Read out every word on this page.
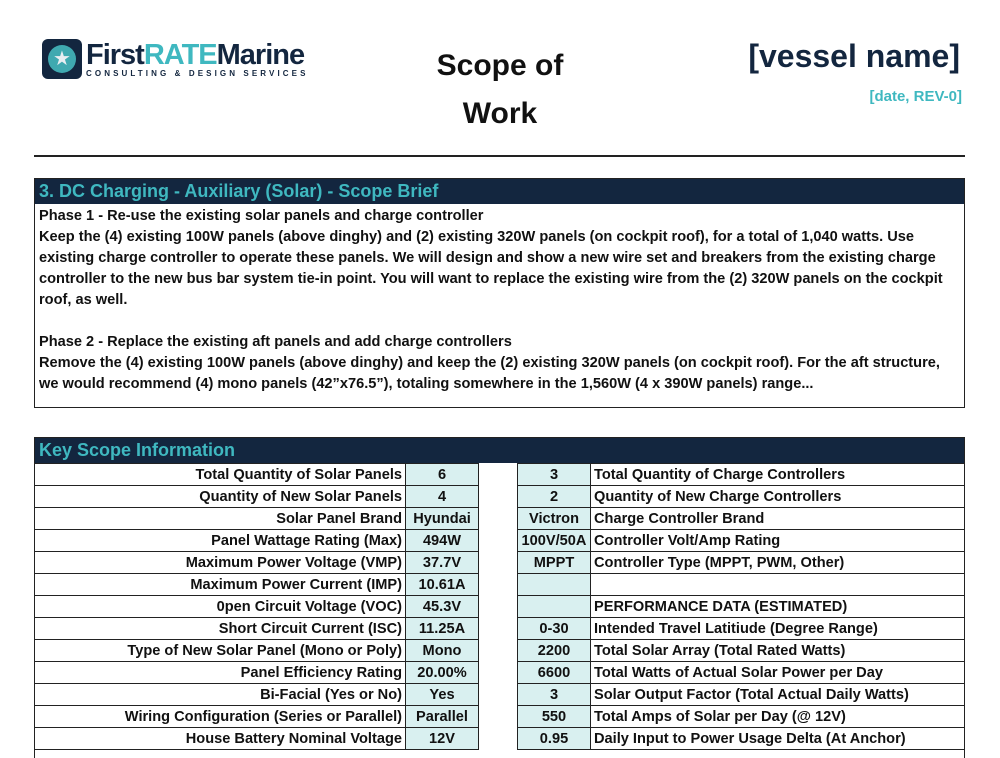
★ FirstRATEMarine
CONSULTING & DESIGN SERVICES	Scope of
Work
[vessel name]
[date, REV-0]
3. DC Charging - Auxiliary (Solar) - Scope Brief

Phase 1 - Re-use the existing solar panels and charge controller

Keep the (4) existing 100W panels (above dinghy) and (2) existing 320W panels (on cockpit roof), for a total of 1,040 watts. Use existing charge controller to operate these panels. We will design and show a new wire set and breakers from the existing charge controller to the new bus bar system tie-in point. You will want to replace the existing wire from the (2) 320W panels on the cockpit roof, as well.

Phase 2 - Replace the existing aft panels and add charge controllers

Remove the (4) existing 100W panels (above dinghy) and keep the (2) existing 320W panels (on cockpit roof). For the aft structure, we would recommend (4) mono panels (42”x76.5”), totaling somewhere in the 1,560W (4 x 390W panels) range...

Key Scope Information
Total Quantity of Solar Panels	6		3	Total Quantity of Charge Controllers
Quantity of New Solar Panels	4		2	Quantity of New Charge Controllers
Solar Panel Brand	Hyundai		Victron	Charge Controller Brand
Panel Wattage Rating (Max)	494W		100V/50A	Controller Volt/Amp Rating
Maximum Power Voltage (VMP)	37.7V		MPPT	Controller Type (MPPT, PWM, Other)
Maximum Power Current (IMP)	10.61A			
0pen Circuit Voltage (VOC)	45.3V			PERFORMANCE DATA (ESTIMATED)
Short Circuit Current (ISC)	11.25A		0-30	Intended Travel Latitiude (Degree Range)
Type of New Solar Panel (Mono or Poly)	Mono		2200	Total Solar Array (Total Rated Watts)
Panel Efficiency Rating	20.00%		6600	Total Watts of Actual Solar Power per Day
Bi-Facial (Yes or No)	Yes		3	Solar Output Factor (Total Actual Daily Watts)
Wiring Configuration (Series or Parallel)	Parallel		550	Total Amps of Solar per Day (@ 12V)
House Battery Nominal Voltage	12V		0.95	Daily Input to Power Usage Delta (At Anchor)
